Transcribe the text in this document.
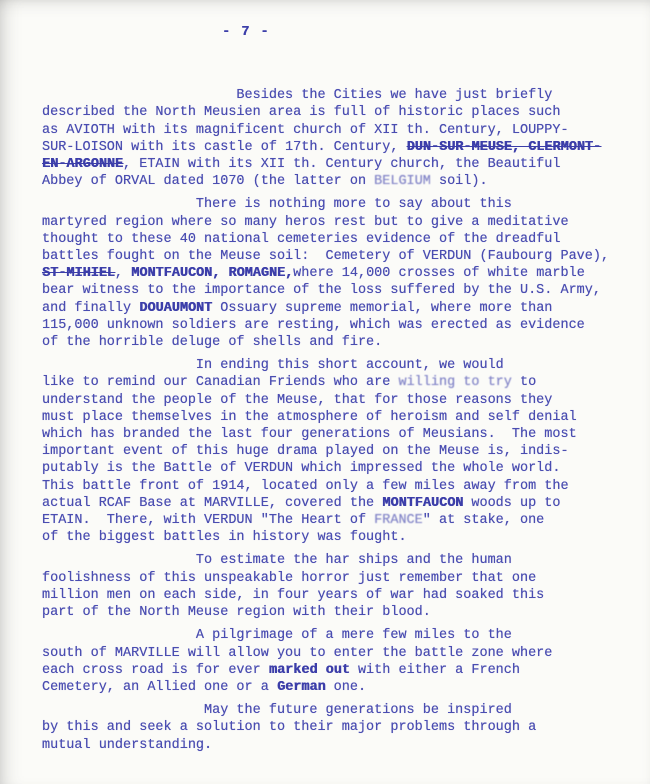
- 7 -
Besides the Cities we have just briefly
described the North Meusien area is full of historic places such
as AVIOTH with its magnificent church of XII th. Century, LOUPPY-
SUR-LOISON with its castle of 17th. Century, DUN-SUR-MEUSE, CLERMONT-
EN-ARGONNE, ETAIN with its XII th. Century church, the Beautiful
Abbey of ORVAL dated 1070 (the latter on BELGIUM soil).
There is nothing more to say about this
martyred region where so many heros rest but to give a meditative
thought to these 40 national cemeteries evidence of the dreadful
battles fought on the Meuse soil:  Cemetery of VERDUN (Faubourg Pave),
ST-MIHIEL, MONTFAUCON, ROMAGNE,where 14,000 crosses of white marble
bear witness to the importance of the loss suffered by the U.S. Army,
and finally DOUAUMONT Ossuary supreme memorial, where more than
115,000 unknown soldiers are resting, which was erected as evidence
of the horrible deluge of shells and fire.
In ending this short account, we would
like to remind our Canadian Friends who are willing to try to
understand the people of the Meuse, that for those reasons they
must place themselves in the atmosphere of heroism and self denial
which has branded the last four generations of Meusians.  The most
important event of this huge drama played on the Meuse is, indis-
putably is the Battle of VERDUN which impressed the whole world.
This battle front of 1914, located only a few miles away from the
actual RCAF Base at MARVILLE, covered the MONTFAUCON woods up to
ETAIN.  There, with VERDUN "The Heart of FRANCE" at stake, one
of the biggest battles in history was fought.
To estimate the har ships and the human
foolishness of this unspeakable horror just remember that one
million men on each side, in four years of war had soaked this
part of the North Meuse region with their blood.
A pilgrimage of a mere few miles to the
south of MARVILLE will allow you to enter the battle zone where
each cross road is for ever marked out with either a French
Cemetery, an Allied one or a German one.
May the future generations be inspired
by this and seek a solution to their major problems through a
mutual understanding.
